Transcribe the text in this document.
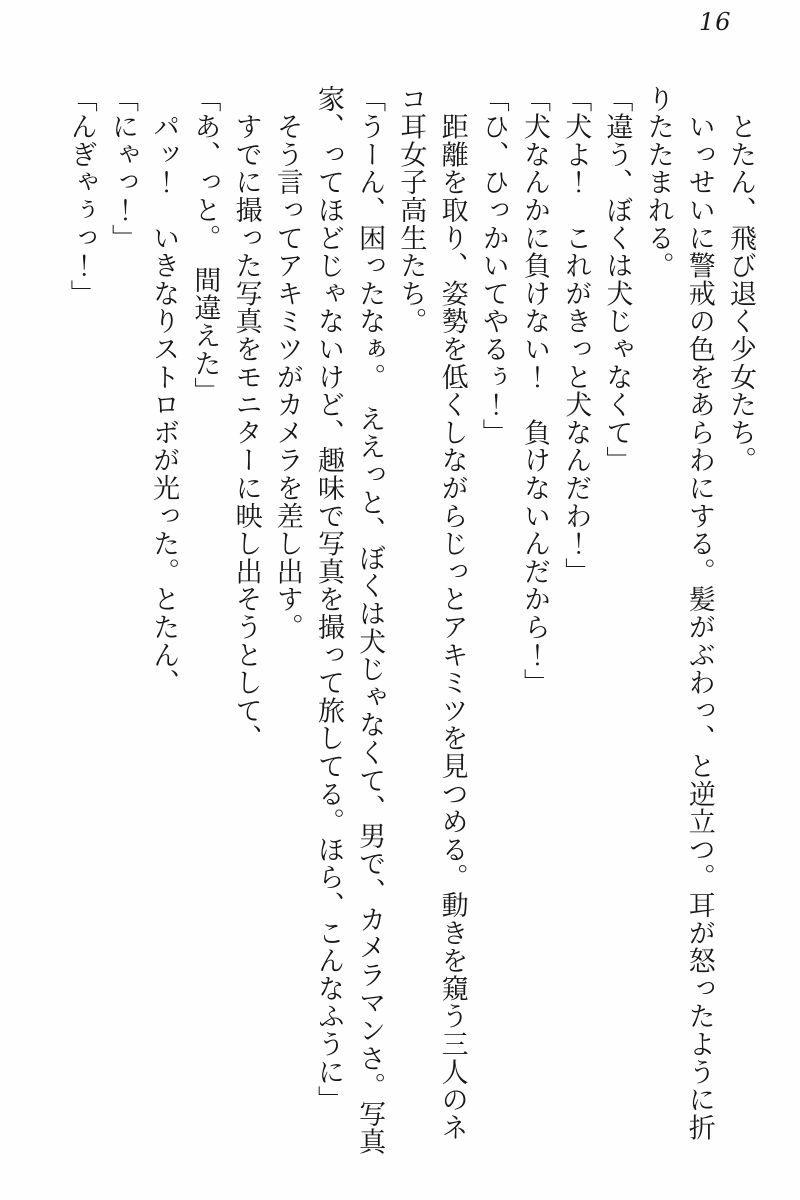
16

　とたん、飛び退く少女たち。

　いっせいに警戒の色をあらわにする。髪がぶわっ、と逆立つ。耳が怒ったように折

りたたまれる。

「違う、ぼくは犬じゃなくて」

「犬よ！　これがきっと犬なんだわ！」

「犬なんかに負けない！　負けないんだから！」

「ひ、ひっかいてやるぅ！」

　距離を取り、姿勢を低くしながらじっとアキミツを見つめる。動きを窺う三人のネ

コ耳女子高生たち。

「うーん、困ったなぁ。　ええっと、ぼくは犬じゃなくて、男で、カメラマンさ。写真

家、ってほどじゃないけど、趣味で写真を撮って旅してる。ほら、こんなふうに」

　そう言ってアキミツがカメラを差し出す。

　すでに撮った写真をモニターに映し出そうとして、

「あ、っと。　間違えた」

　パッ！　いきなりストロボが光った。とたん、

「にゃっ！」

「んぎゃぅっ！」
